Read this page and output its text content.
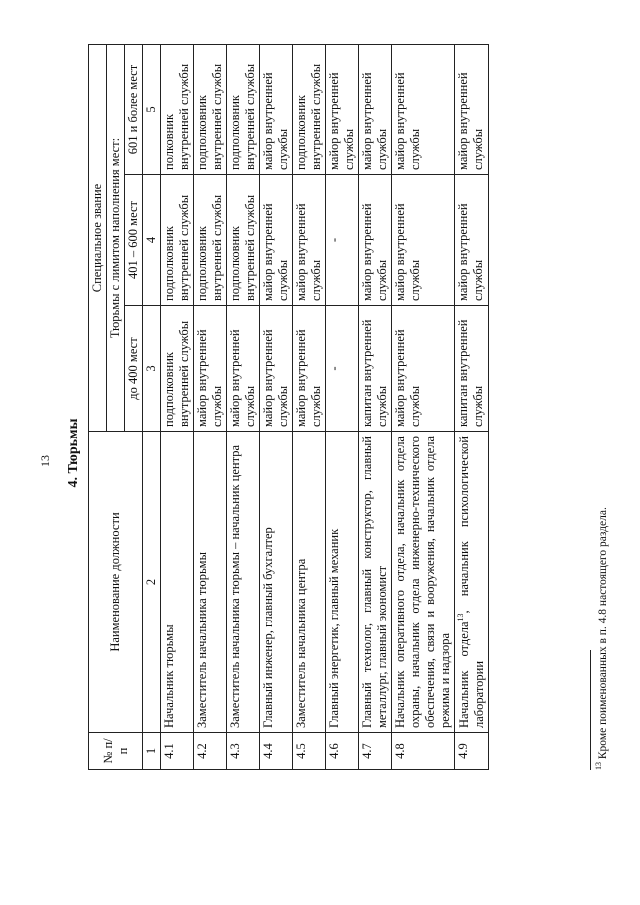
13 4. Тюрьмы
№ п/п	Наименование должности	Специальное звание		
		Тюрьмы с лимитом наполнения мест:		
		до 400 мест	401 – 600 мест	601 и более мест
1	2	3	4	5
4.1	Начальник тюрьмы	подполковник внутренней службы	подполковник внутренней службы	полковник внутренней службы
4.2	Заместитель начальника тюрьмы	майор внутренней службы	подполковник внутренней службы	подполковник внутренней службы
4.3	Заместитель начальника тюрьмы – начальник центра	майор внутренней службы	подполковник внутренней службы	подполковник внутренней службы
4.4	Главный инженер, главный бухгалтер	майор внутренней службы	майор внутренней службы	майор внутренней службы
4.5	Заместитель начальника центра	майор внутренней службы	майор внутренней службы	подполковник внутренней службы
4.6	Главный энергетик, главный механик	-	-	майор внутренней службы
4.7	Главный технолог, главный конструктор, главный металлург, главный экономист	капитан внутренней службы	майор внутренней службы	майор внутренней службы
4.8	Начальник оперативного отдела, начальник отдела охраны, начальник отдела инженерно-технического обеспечения, связи и вооружения, начальник отдела режима и надзора	майор внутренней службы	майор внутренней службы	майор внутренней службы
4.9	Начальник отдела$^{13}$, начальник психологической лаборатории	капитан внутренней службы	майор внутренней службы	майор внутренней службы
$^{13}$ Кроме поименованных в п. 4.8 настоящего раздела.
